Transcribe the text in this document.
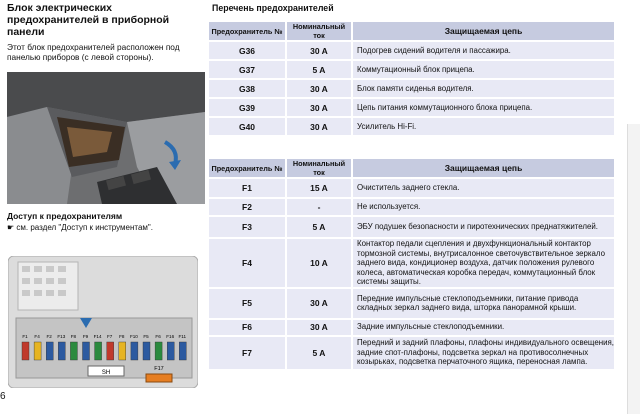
Блок электрических предохранителей в приборной панели
Этот блок предохранителей расположен под панелью приборов (с левой стороны).
Доступ к предохранителям
☛ см. раздел "Доступ к инструментам".
F1 F4 F2 F13 F8 F9 F14 F7 F8 F10 F5 F6 F16 F11
SH
F17
6
Перечень предохранителей
Предохранитель №	Номинальный ток	Защищаемая цепь
G36	30 A	Подогрев сидений водителя и пассажира.
G37	5 A	Коммутационный блок прицепа.
G38	30 A	Блок памяти сиденья водителя.
G39	30 A	Цепь питания коммутационного блока прицепа.
G40	30 A	Усилитель Hi-Fi.
Предохранитель №	Номинальный ток	Защищаемая цепь
F1	15 A	Очиститель заднего стекла.
F2	-	Не используется.
F3	5 A	ЭБУ подушек безопасности и пиротехнических преднатяжителей.
F4	10 A	Контактор педали сцепления и двухфункциональный контактор тормозной системы, внутрисалонное светочувствительное зеркало заднего вида, кондиционер воздуха, датчик положения рулевого колеса, автоматическая коробка передач, коммутационный блок системы защиты.
F5	30 A	Передние импульсные стеклоподъемники, питание привода складных зеркал заднего вида, шторка панорамной крыши.
F6	30 A	Задние импульсные стеклоподъемники.
F7	5 A	Передний и задний плафоны, плафоны индивидуального освещения, задние спот-плафоны, подсветка зеркал на противосолнечных козырьках, подсветка перчаточного ящика, переносная лампа.
